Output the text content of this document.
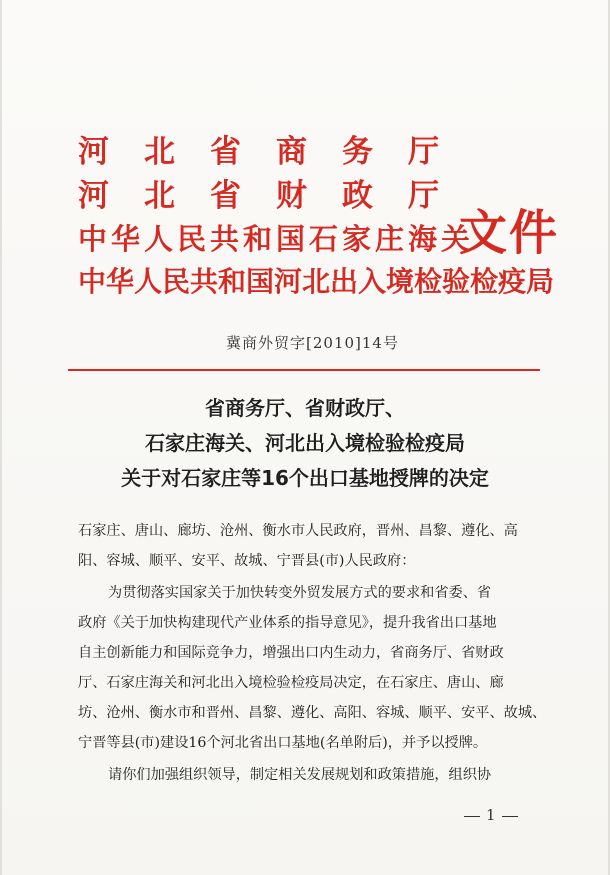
河北省商务厅
河北省财政厅
中华人民共和国石家庄海关
中华人民共和国河北出入境检验检疫局
文件
冀商外贸字[2010]14号
省商务厅、省财政厅、
石家庄海关、河北出入境检验检疫局
关于对石家庄等16个出口基地授牌的决定
石家庄、唐山、廊坊、沧州、衡水市人民政府，晋州、昌黎、遵化、高
阳、容城、顺平、安平、故城、宁晋县(市)人民政府：
为贯彻落实国家关于加快转变外贸发展方式的要求和省委、省
政府《关于加快构建现代产业体系的指导意见》，提升我省出口基地
自主创新能力和国际竞争力，增强出口内生动力，省商务厅、省财政
厅、石家庄海关和河北出入境检验检疫局决定，在石家庄、唐山、廊
坊、沧州、衡水市和晋州、昌黎、遵化、高阳、容城、顺平、安平、故城、
宁晋等县(市)建设16个河北省出口基地(名单附后)，并予以授牌。
请你们加强组织领导，制定相关发展规划和政策措施，组织协
1
